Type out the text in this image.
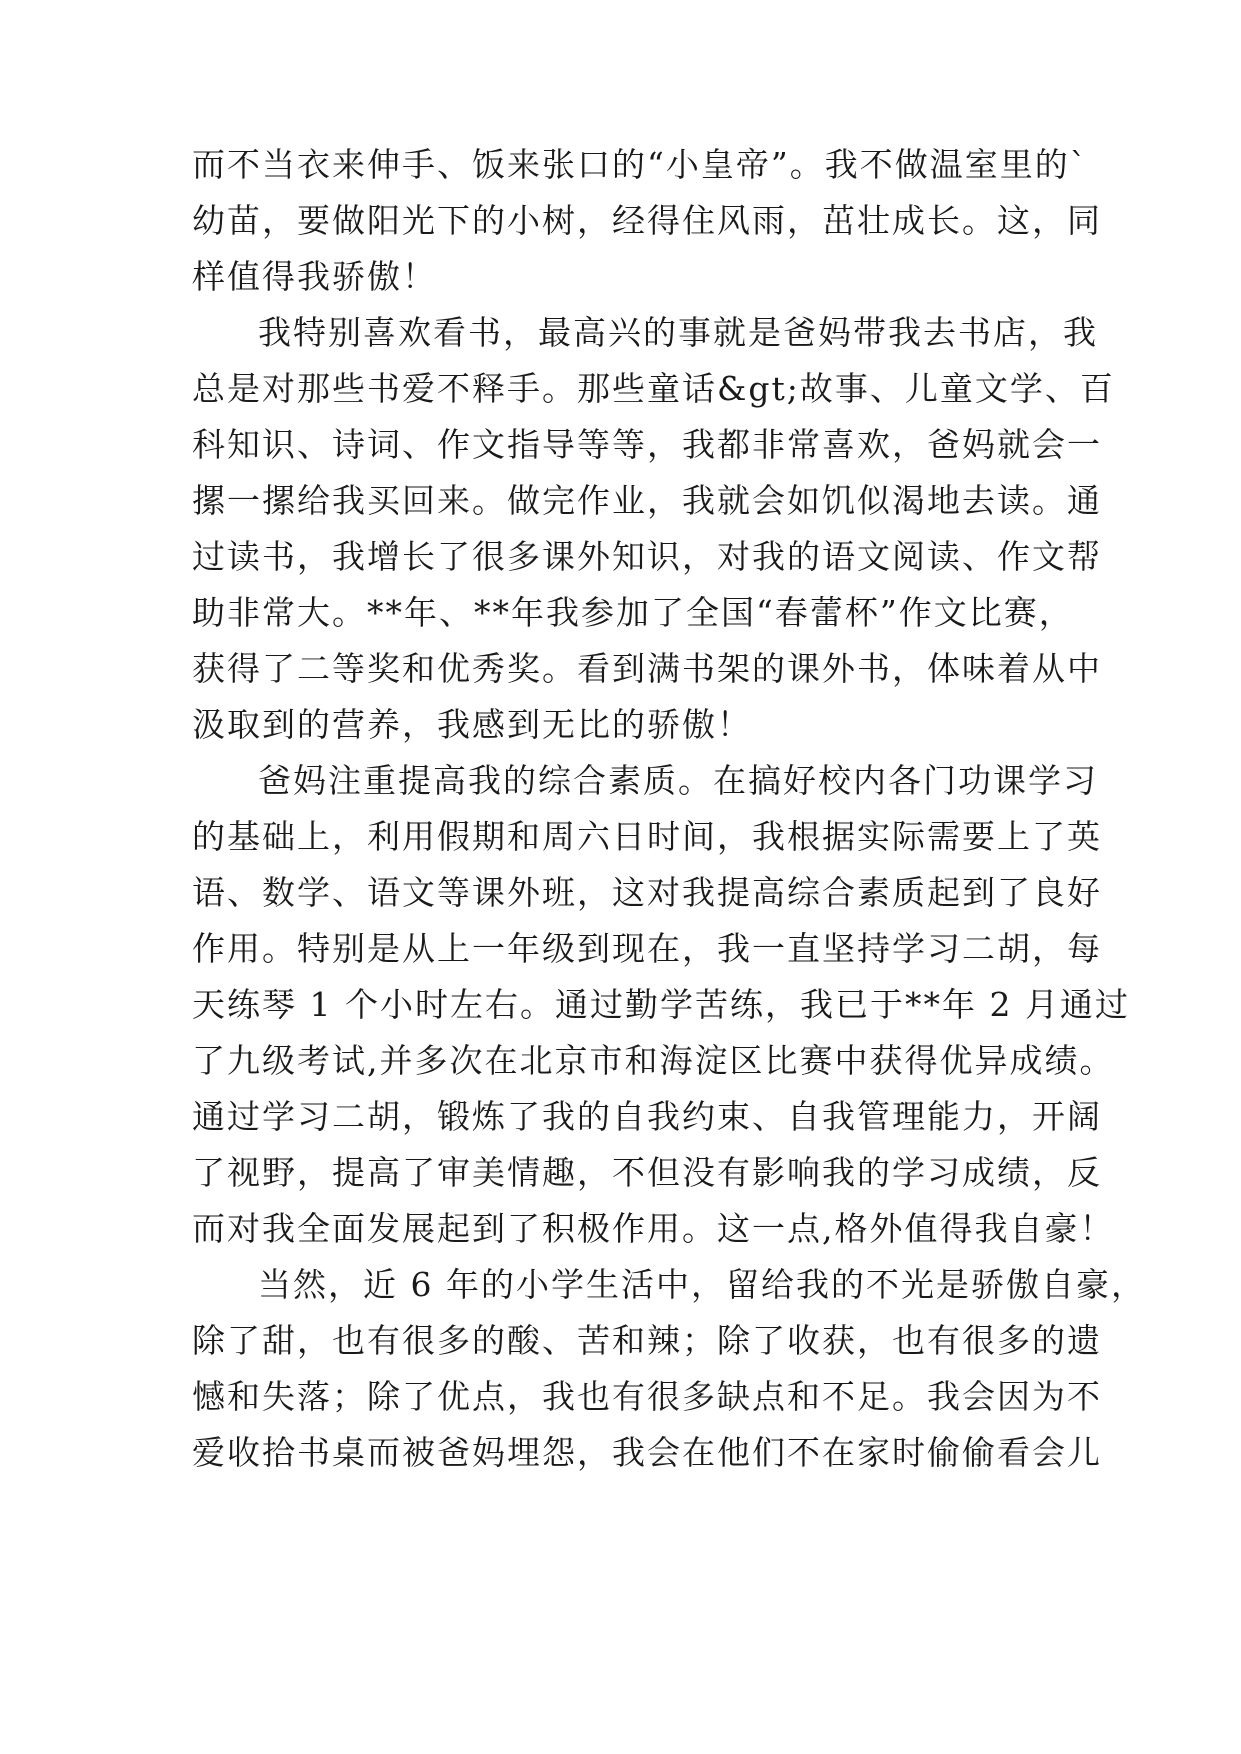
而不当衣来伸手、饭来张口的“小皇帝”。我不做温室里的`
幼苗，要做阳光下的小树，经得住风雨，茁壮成长。这，同
样值得我骄傲！
我特别喜欢看书，最高兴的事就是爸妈带我去书店，我
总是对那些书爱不释手。那些童话&gt;故事、儿童文学、百
科知识、诗词、作文指导等等，我都非常喜欢，爸妈就会一
摞一摞给我买回来。做完作业，我就会如饥似渴地去读。通
过读书，我增长了很多课外知识，对我的语文阅读、作文帮
助非常大。**年、**年我参加了全国“春蕾杯”作文比赛，
获得了二等奖和优秀奖。看到满书架的课外书，体味着从中
汲取到的营养，我感到无比的骄傲！
爸妈注重提高我的综合素质。在搞好校内各门功课学习
的基础上，利用假期和周六日时间，我根据实际需要上了英
语、数学、语文等课外班，这对我提高综合素质起到了良好
作用。特别是从上一年级到现在，我一直坚持学习二胡，每
天练琴 1 个小时左右。通过勤学苦练，我已于**年 2 月通过
了九级考试,并多次在北京市和海淀区比赛中获得优异成绩。
通过学习二胡，锻炼了我的自我约束、自我管理能力，开阔
了视野，提高了审美情趣，不但没有影响我的学习成绩，反
而对我全面发展起到了积极作用。这一点,格外值得我自豪！
当然，近 6 年的小学生活中，留给我的不光是骄傲自豪，
除了甜，也有很多的酸、苦和辣；除了收获，也有很多的遗
憾和失落；除了优点，我也有很多缺点和不足。我会因为不
爱收拾书桌而被爸妈埋怨，我会在他们不在家时偷偷看会儿
